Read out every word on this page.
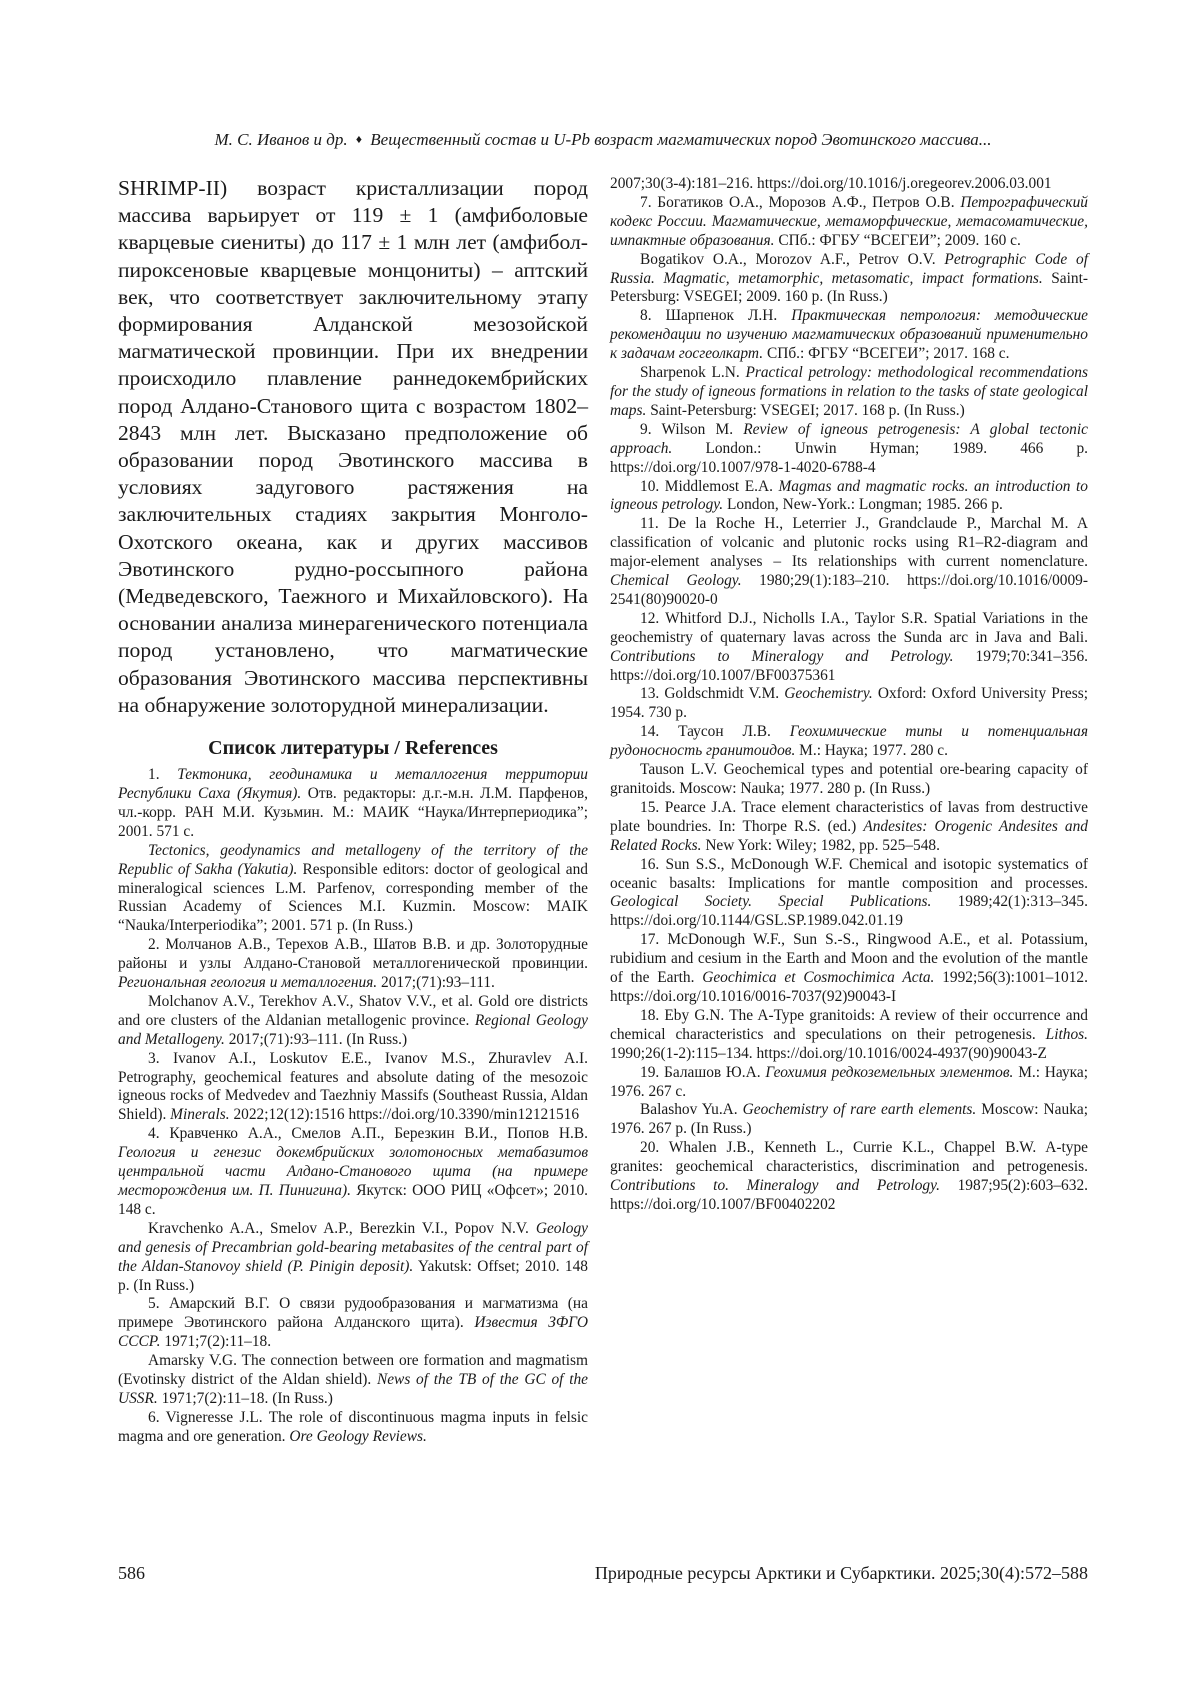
М. С. Иванов и др. ♦ Вещественный состав и U-Pb возраст магматических пород Эвотинского массива...

SHRIMP-II) возраст кристаллизации пород массива варьирует от 119 ± 1 (амфиболовые кварцевые сиениты) до 117 ± 1 млн лет (амфибол-пироксеновые кварцевые монцониты) – аптский век, что соответствует заключительному этапу формирования Алданской мезозойской магматической провинции. При их внедрении происходило плавление раннедокембрийских пород Алдано-Станового щита с возрастом 1802–2843 млн лет. Высказано предположение об образовании пород Эвотинского массива в условиях задугового растяжения на заключительных стадиях закрытия Монголо-Охотского океана, как и других массивов Эвотинского рудно-россыпного района (Медведевского, Таежного и Михайловского). На основании анализа минерагенического потенциала пород установлено, что магматические образования Эвотинского массива перспективны на обнаружение золоторудной минерализации.

Список литературы / References

1. Тектоника, геодинамика и металлогения территории Республики Саха (Якутия). Отв. редакторы: д.г.-м.н. Л.М. Парфенов, чл.-корр. РАН М.И. Кузьмин. М.: МАИК “Наука/Интерпериодика”; 2001. 571 с.

Tectonics, geodynamics and metallogeny of the territory of the Republic of Sakha (Yakutia). Responsible editors: doctor of geological and mineralogical sciences L.M. Parfenov, corresponding member of the Russian Academy of Sciences M.I. Kuzmin. Moscow: MAIK “Nauka/Interperiodika”; 2001. 571 p. (In Russ.)

2. Молчанов А.В., Терехов А.В., Шатов В.В. и др. Золоторудные районы и узлы Алдано-Становой металлогенической провинции. Региональная геология и металлогения. 2017;(71):93–111.

Molchanov A.V., Terekhov A.V., Shatov V.V., et al. Gold ore districts and ore clusters of the Aldanian metallogenic province. Regional Geology and Metallogeny. 2017;(71):93–111. (In Russ.)

3. Ivanov A.I., Loskutov E.E., Ivanov M.S., Zhuravlev A.I. Petrography, geochemical features and absolute dating of the mesozoic igneous rocks of Medvedev and Taezhniy Massifs (Southeast Russia, Aldan Shield). Minerals. 2022;12(12):1516 https://doi.org/10.3390/min12121516

4. Кравченко А.А., Смелов А.П., Березкин В.И., Попов Н.В. Геология и генезис докембрийских золотоносных метабазитов центральной части Алдано-Станового щита (на примере месторождения им. П. Пинигина). Якутск: ООО РИЦ «Офсет»; 2010. 148 с.

Kravchenko A.A., Smelov A.P., Berezkin V.I., Popov N.V. Geology and genesis of Precambrian gold-bearing metabasites of the central part of the Aldan-Stanovoy shield (P. Pinigin deposit). Yakutsk: Offset; 2010. 148 p. (In Russ.)

5. Амарский В.Г. О связи рудообразования и магматизма (на примере Эвотинского района Алданского щита). Известия ЗФГО СССР. 1971;7(2):11–18.

Amarsky V.G. The connection between ore formation and magmatism (Evotinsky district of the Aldan shield). News of the TB of the GC of the USSR. 1971;7(2):11–18. (In Russ.)

6. Vigneresse J.L. The role of discontinuous magma inputs in felsic magma and ore generation. Ore Geology Reviews.

2007;30(3-4):181–216. https://doi.org/10.1016/j.oregeorev.2006.03.001

7. Богатиков О.А., Морозов А.Ф., Петров О.В. Петрографический кодекс России. Магматические, метаморфические, метасоматические, импактные образования. СПб.: ФГБУ “ВСЕГЕИ”; 2009. 160 с.

Bogatikov O.A., Morozov A.F., Petrov O.V. Petrographic Code of Russia. Magmatic, metamorphic, metasomatic, impact formations. Saint-Petersburg: VSEGEI; 2009. 160 p. (In Russ.)

8. Шарпенок Л.Н. Практическая петрология: методические рекомендации по изучению магматических образований применительно к задачам госгеолкарт. СПб.: ФГБУ “ВСЕГЕИ”; 2017. 168 с.

Sharpenok L.N. Practical petrology: methodological recommendations for the study of igneous formations in relation to the tasks of state geological maps. Saint-Petersburg: VSEGEI; 2017. 168 p. (In Russ.)

9. Wilson M. Review of igneous petrogenesis: A global tectonic approach. London.: Unwin Hyman; 1989. 466 p. https://doi.org/10.1007/978-1-4020-6788-4

10. Middlemost E.A. Magmas and magmatic rocks. an introduction to igneous petrology. London, New-York.: Longman; 1985. 266 p.

11. De la Roche H., Leterrier J., Grandclaude P., Marchal M. A classification of volcanic and plutonic rocks using R1–R2-diagram and major-element analyses – Its relationships with current nomenclature. Chemical Geology. 1980;29(1):183–210. https://doi.org/10.1016/0009-2541(80)90020-0

12. Whitford D.J., Nicholls I.A., Taylor S.R. Spatial Variations in the geochemistry of quaternary lavas across the Sunda arc in Java and Bali. Contributions to Mineralogy and Petrology. 1979;70:341–356. https://doi.org/10.1007/BF00375361

13. Goldschmidt V.M. Geochemistry. Oxford: Oxford University Press; 1954. 730 p.

14. Таусон Л.В. Геохимические типы и потенциальная рудоносность гранитоидов. М.: Наука; 1977. 280 с.

Tauson L.V. Geochemical types and potential ore-bearing capacity of granitoids. Moscow: Nauka; 1977. 280 p. (In Russ.)

15. Pearce J.A. Trace element characteristics of lavas from destructive plate boundries. In: Thorpe R.S. (ed.) Andesites: Orogenic Andesites and Related Rocks. New York: Wiley; 1982, pp. 525–548.

16. Sun S.S., McDonough W.F. Chemical and isotopic systematics of oceanic basalts: Implications for mantle composition and processes. Geological Society. Special Publications. 1989;42(1):313–345. https://doi.org/10.1144/GSL.SP.1989.042.01.19

17. McDonough W.F., Sun S.-S., Ringwood A.E., et al. Potassium, rubidium and cesium in the Earth and Moon and the evolution of the mantle of the Earth. Geochimica et Cosmochimica Acta. 1992;56(3):1001–1012. https://doi.org/10.1016/0016-7037(92)90043-I

18. Eby G.N. The A-Type granitoids: A review of their occurrence and chemical characteristics and speculations on their petrogenesis. Lithos. 1990;26(1-2):115–134. https://doi.org/10.1016/0024-4937(90)90043-Z

19. Балашов Ю.А. Геохимия редкоземельных элементов. М.: Наука; 1976. 267 с.

Balashov Yu.A. Geochemistry of rare earth elements. Moscow: Nauka; 1976. 267 p. (In Russ.)

20. Whalen J.B., Kenneth L., Currie K.L., Chappel B.W. A-type granites: geochemical characteristics, discrimination and petrogenesis. Contributions to. Mineralogy and Petrology. 1987;95(2):603–632. https://doi.org/10.1007/BF00402202

586	Природные ресурсы Арктики и Субарктики. 2025;30(4):572–588
